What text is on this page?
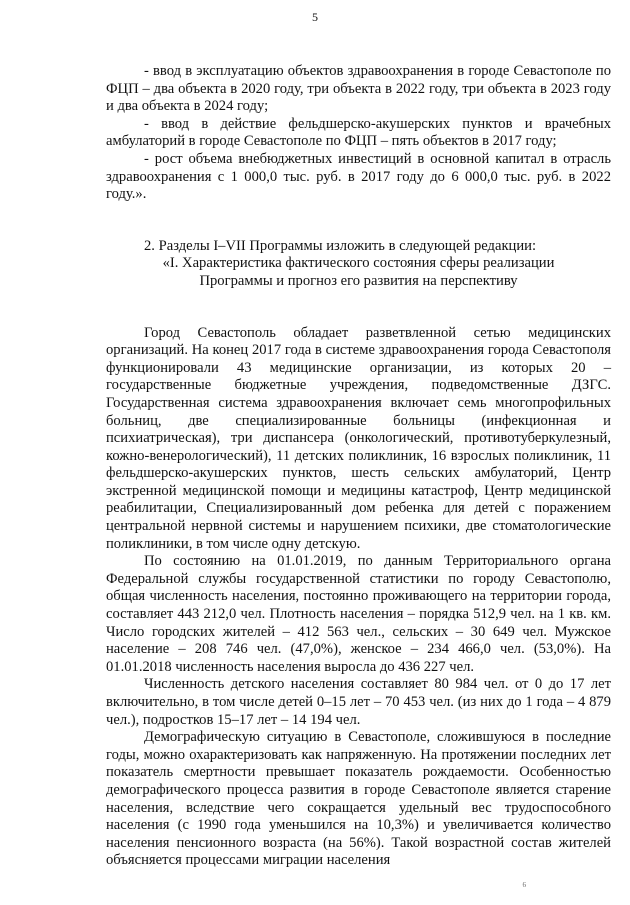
5

- ввод в эксплуатацию объектов здравоохранения в городе Севастополе по ФЦП – два объекта в 2020 году, три объекта в 2022 году, три объекта в 2023 году и два объекта в 2024 году;

- ввод в действие фельдшерско-акушерских пунктов и врачебных амбулаторий в городе Севастополе по ФЦП – пять объектов в 2017 году;

- рост объема внебюджетных инвестиций в основной капитал в отрасль здравоохранения с 1 000,0 тыс. руб. в 2017 году до 6 000,0 тыс. руб. в 2022 году.».

2. Разделы I–VII Программы изложить в следующей редакции:

«I. Характеристика фактического состояния сферы реализации
Программы и прогноз его развития на перспективу

Город Севастополь обладает разветвленной сетью медицинских организаций. На конец 2017 года в системе здравоохранения города Севастополя функционировали 43 медицинские организации, из которых 20 – государственные бюджетные учреждения, подведомственные ДЗГС. Государственная система здравоохранения включает семь многопрофильных больниц, две специализированные больницы (инфекционная и психиатрическая), три диспансера (онкологический, противотуберкулезный, кожно-венерологический), 11 детских поликлиник, 16 взрослых поликлиник, 11 фельдшерско-акушерских пунктов, шесть сельских амбулаторий, Центр экстренной медицинской помощи и медицины катастроф, Центр медицинской реабилитации, Специализированный дом ребенка для детей с поражением центральной нервной системы и нарушением психики, две стоматологические поликлиники, в том числе одну детскую.

По состоянию на 01.01.2019, по данным Территориального органа Федеральной службы государственной статистики по городу Севастополю, общая численность населения, постоянно проживающего на территории города, составляет 443 212,0 чел. Плотность населения – порядка 512,9 чел. на 1 кв. км. Число городских жителей – 412 563 чел., сельских – 30 649 чел. Мужское население – 208 746 чел. (47,0%), женское – 234 466,0 чел. (53,0%). На 01.01.2018 численность населения выросла до 436 227 чел.

Численность детского населения составляет 80 984 чел. от 0 до 17 лет включительно, в том числе детей 0–15 лет – 70 453 чел. (из них до 1 года – 4 879 чел.), подростков 15–17 лет – 14 194 чел.

Демографическую ситуацию в Севастополе, сложившуюся в последние годы, можно охарактеризовать как напряженную. На протяжении последних лет показатель смертности превышает показатель рождаемости. Особенностью демографического процесса развития в городе Севастополе является старение населения, вследствие чего сокращается удельный вес трудоспособного населения (с 1990 года уменьшился на 10,3%) и увеличивается количество населения пенсионного возраста (на 56%). Такой возрастной состав жителей объясняется процессами миграции населения

6
